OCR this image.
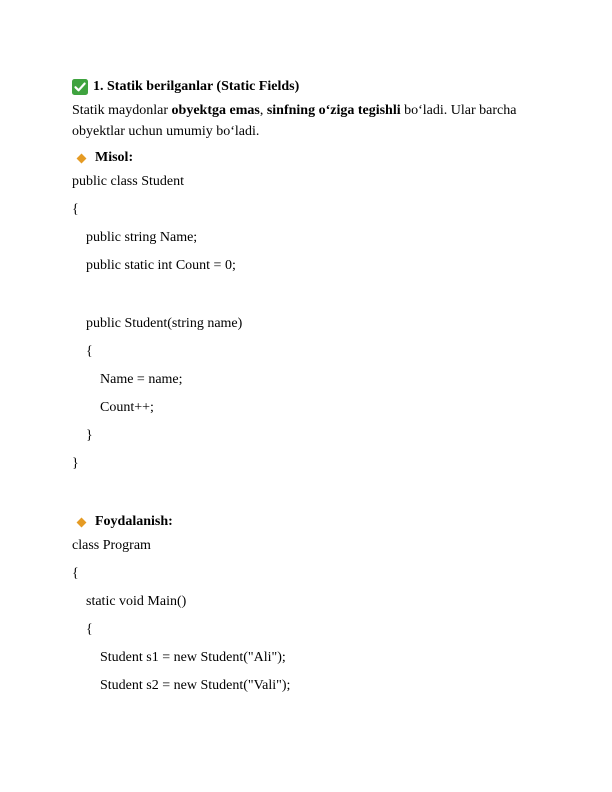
1. Statik berilganlar (Static Fields)
Statik maydonlar obyektga emas, sinfning o‘ziga tegishli bo‘ladi. Ular barcha obyektlar uchun umumiy bo‘ladi.
Misol:
public class Student
{
public string Name;
public static int Count = 0;
public Student(string name)
{
Name = name;
Count++;
}
}
Foydalanish:
class Program
{
static void Main()
{
Student s1 = new Student("Ali");
Student s2 = new Student("Vali");
